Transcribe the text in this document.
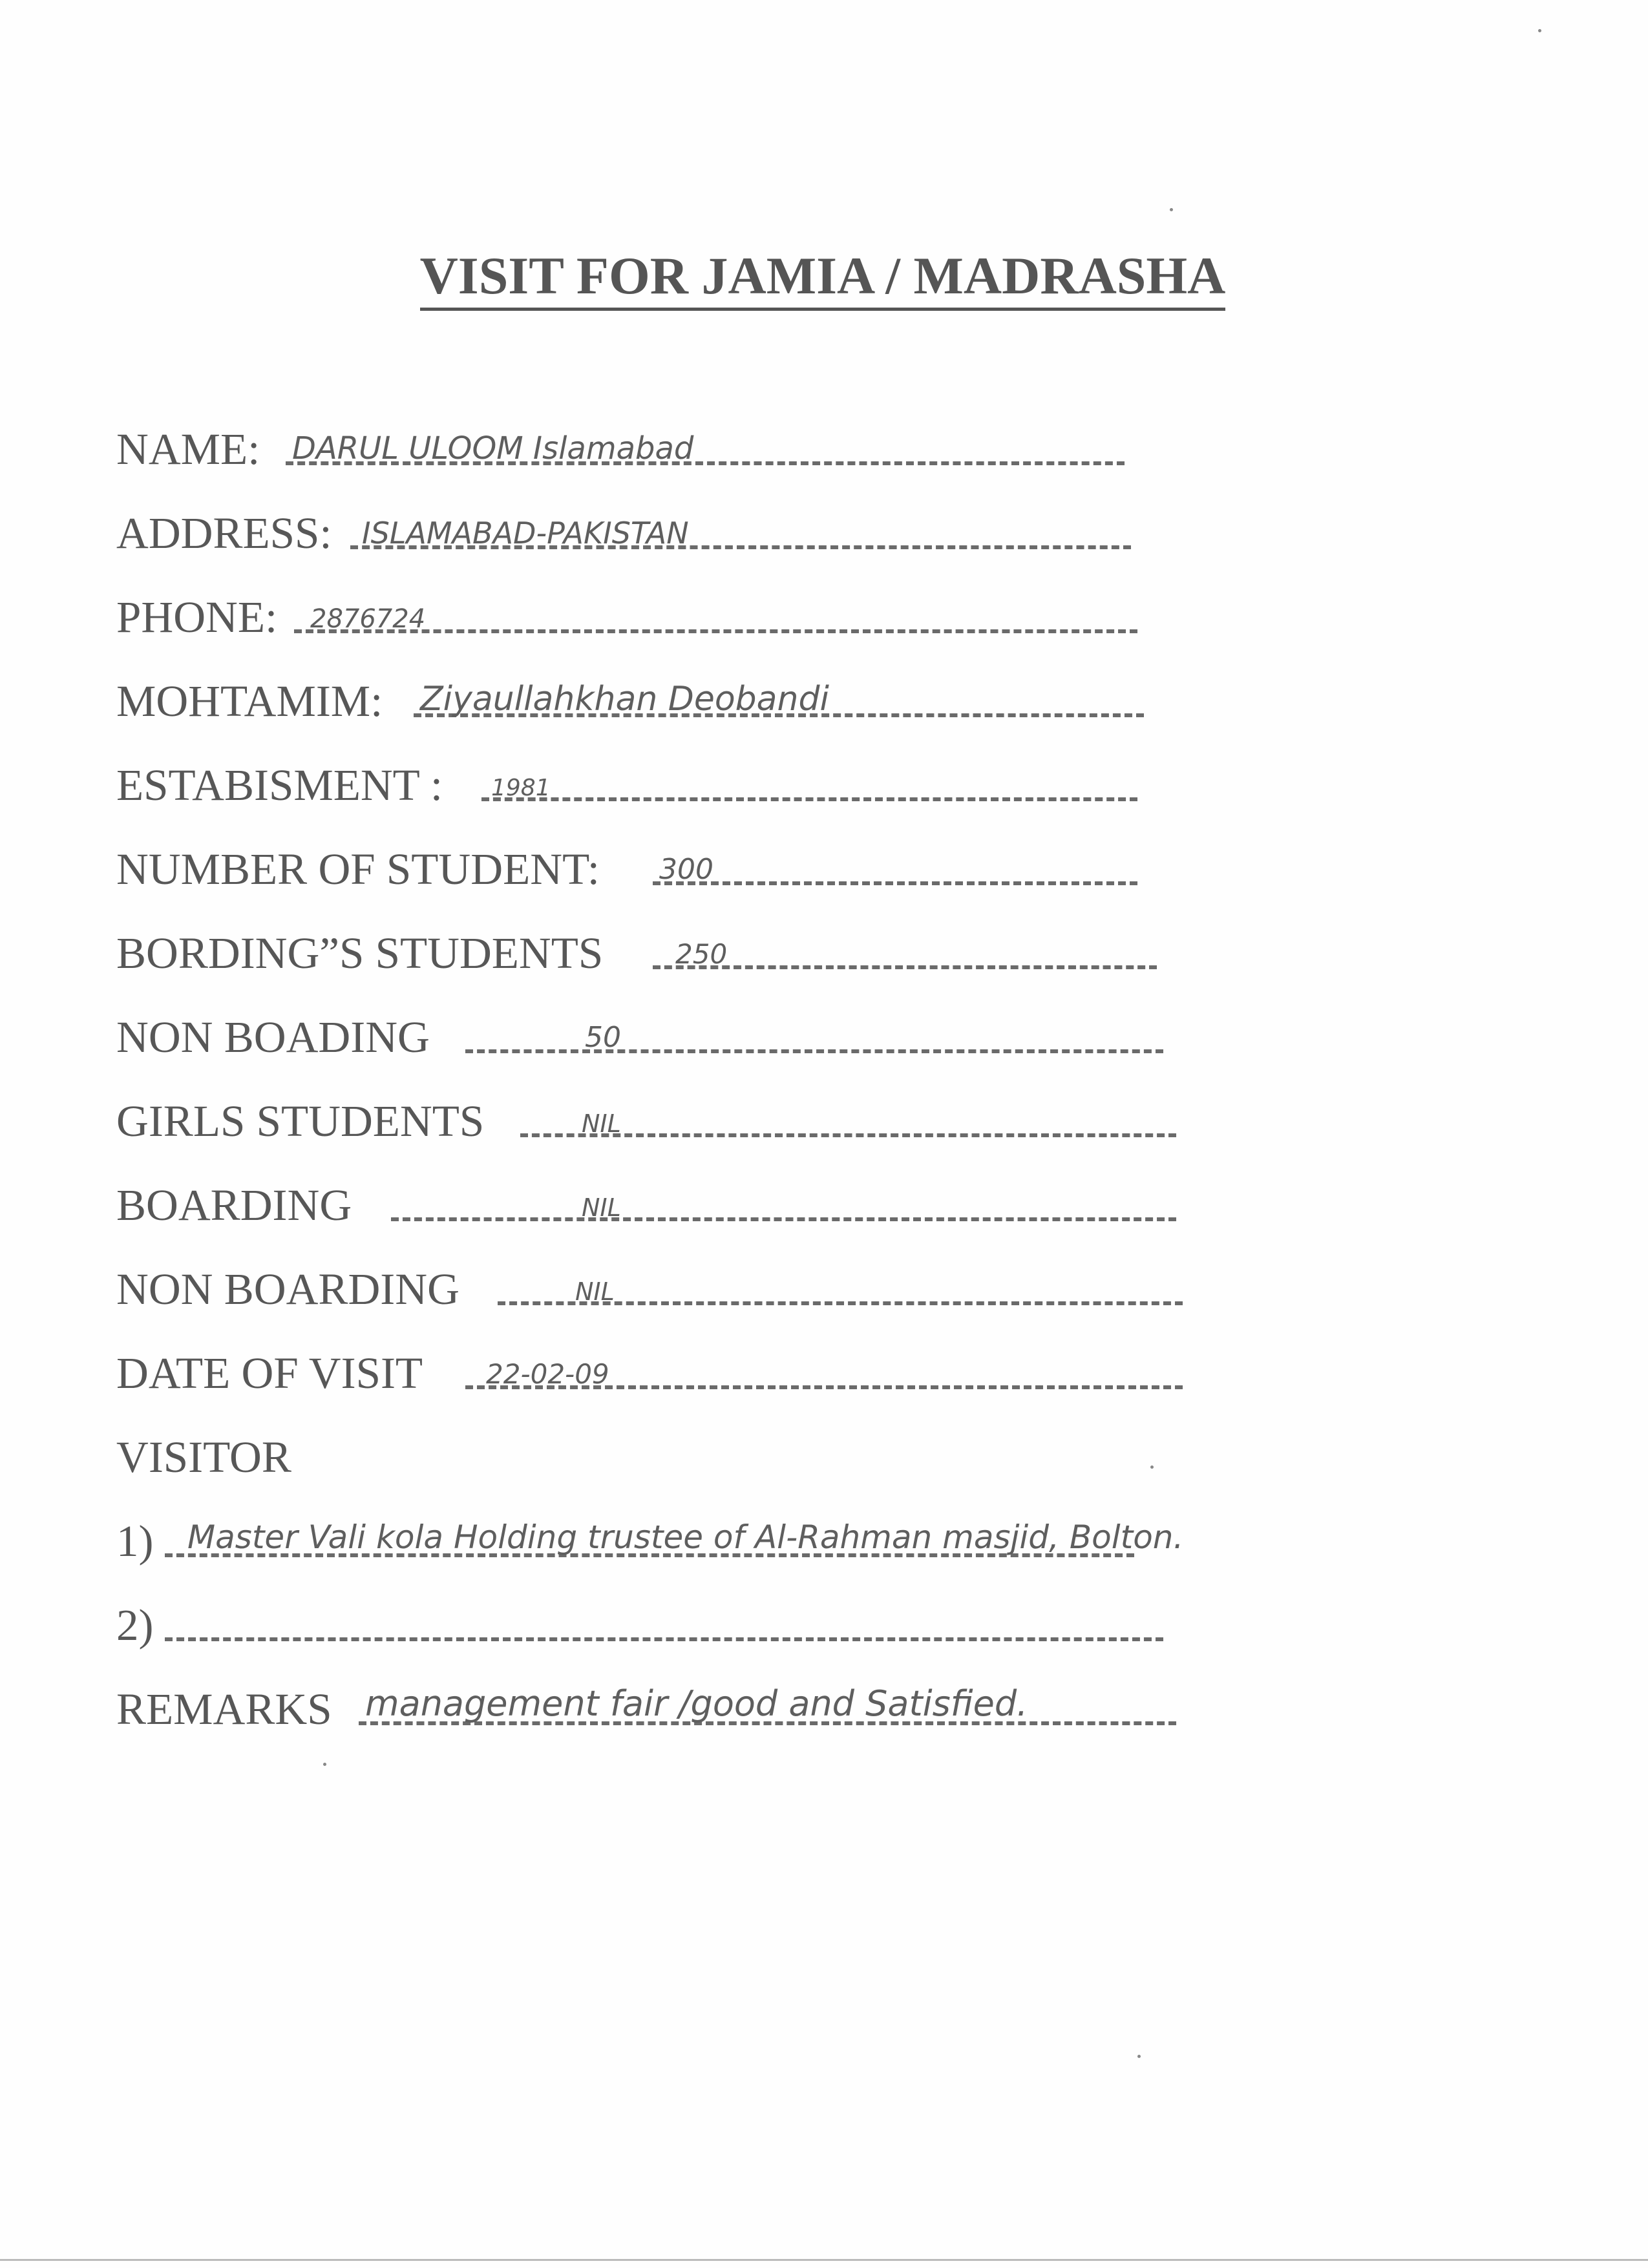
VISIT FOR JAMIA / MADRASHA
NAME: DARUL ULOOM Islamabad
ADDRESS: ISLAMABAD-PAKISTAN
PHONE: 2876724
MOHTAMIM: Ziyaullahkhan Deobandi
ESTABISMENT : 1981
NUMBER OF STUDENT: 300
BORDING”S STUDENTS	250
NON BOADING	50
GIRLS STUDENTS	NIL
BOARDING	NIL
NON BOARDING	NIL
DATE OF VISIT 22-02-09
VISITOR
1) Master Vali kola Holding trustee of Al-Rahman masjid, Bolton.
2)
REMARKS management fair /good and Satisfied.
